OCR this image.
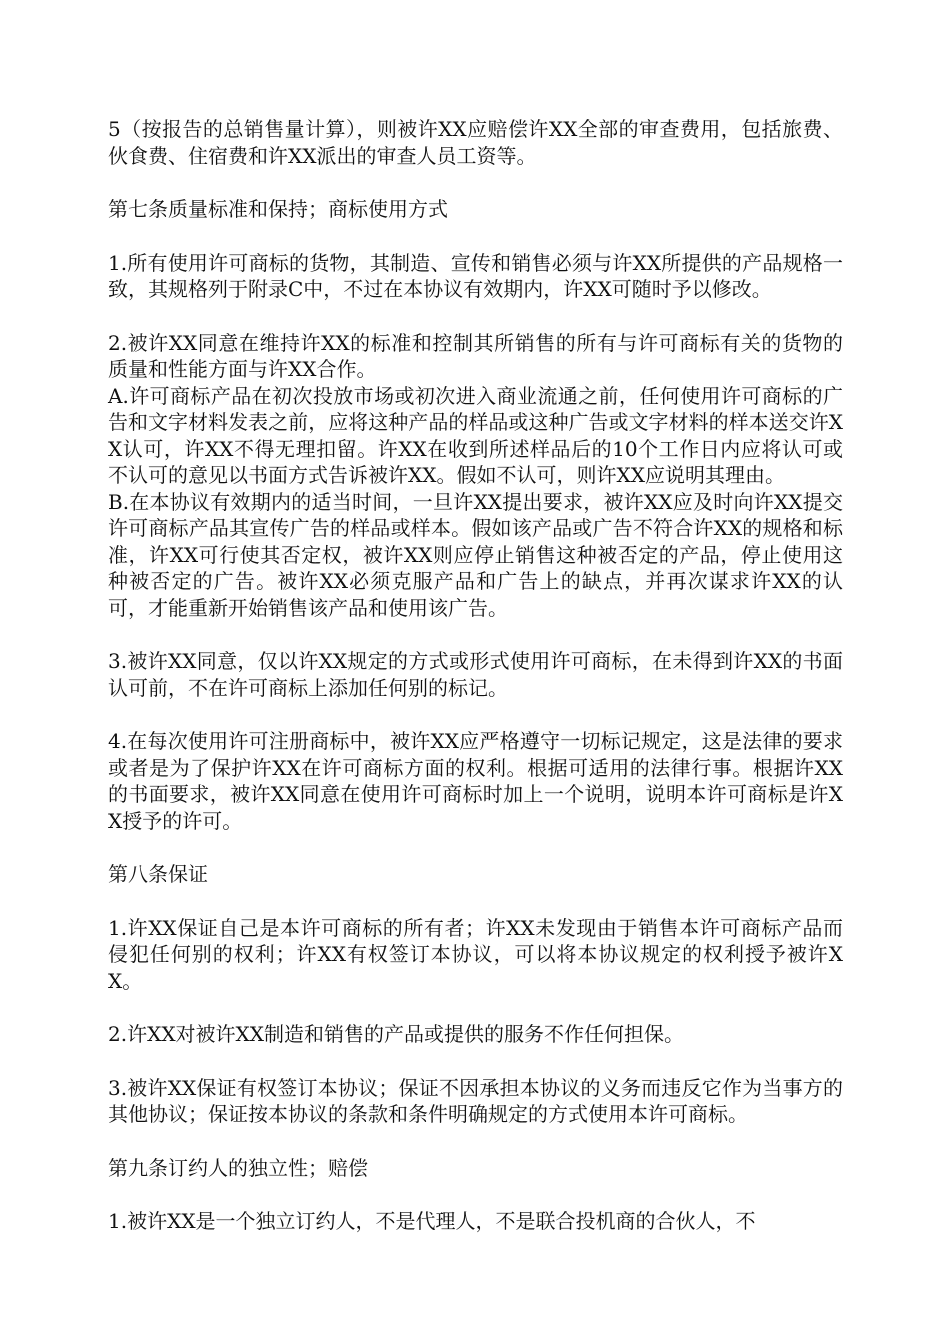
5（按报告的总销售量计算），则被许XX应赔偿许XX全部的审查费用，包括旅费、伙食费、住宿费和许XX派出的审查人员工资等。

第七条质量标准和保持；商标使用方式

1.所有使用许可商标的货物，其制造、宣传和销售必须与许XX所提供的产品规格一致，其规格列于附录C中，不过在本协议有效期内，许XX可随时予以修改。

2.被许XX同意在维持许XX的标准和控制其所销售的所有与许可商标有关的货物的质量和性能方面与许XX合作。

A.许可商标产品在初次投放市场或初次进入商业流通之前，任何使用许可商标的广告和文字材料发表之前，应将这种产品的样品或这种广告或文字材料的样本送交许XX认可，许XX不得无理扣留。许XX在收到所述样品后的10个工作日内应将认可或不认可的意见以书面方式告诉被许XX。假如不认可，则许XX应说明其理由。

B.在本协议有效期内的适当时间，一旦许XX提出要求，被许XX应及时向许XX提交许可商标产品其宣传广告的样品或样本。假如该产品或广告不符合许XX的规格和标准，许XX可行使其否定权，被许XX则应停止销售这种被否定的产品，停止使用这种被否定的广告。被许XX必须克服产品和广告上的缺点，并再次谋求许XX的认可，才能重新开始销售该产品和使用该广告。

3.被许XX同意，仅以许XX规定的方式或形式使用许可商标，在未得到许XX的书面认可前，不在许可商标上添加任何别的标记。

4.在每次使用许可注册商标中，被许XX应严格遵守一切标记规定，这是法律的要求或者是为了保护许XX在许可商标方面的权利。根据可适用的法律行事。根据许XX的书面要求，被许XX同意在使用许可商标时加上一个说明，说明本许可商标是许XX授予的许可。

第八条保证

1.许XX保证自己是本许可商标的所有者；许XX未发现由于销售本许可商标产品而侵犯任何别的权利；许XX有权签订本协议，可以将本协议规定的权利授予被许XX。

2.许XX对被许XX制造和销售的产品或提供的服务不作任何担保。

3.被许XX保证有权签订本协议；保证不因承担本协议的义务而违反它作为当事方的其他协议；保证按本协议的条款和条件明确规定的方式使用本许可商标。

第九条订约人的独立性；赔偿

1.被许XX是一个独立订约人，不是代理人，不是联合投机商的合伙人，不
